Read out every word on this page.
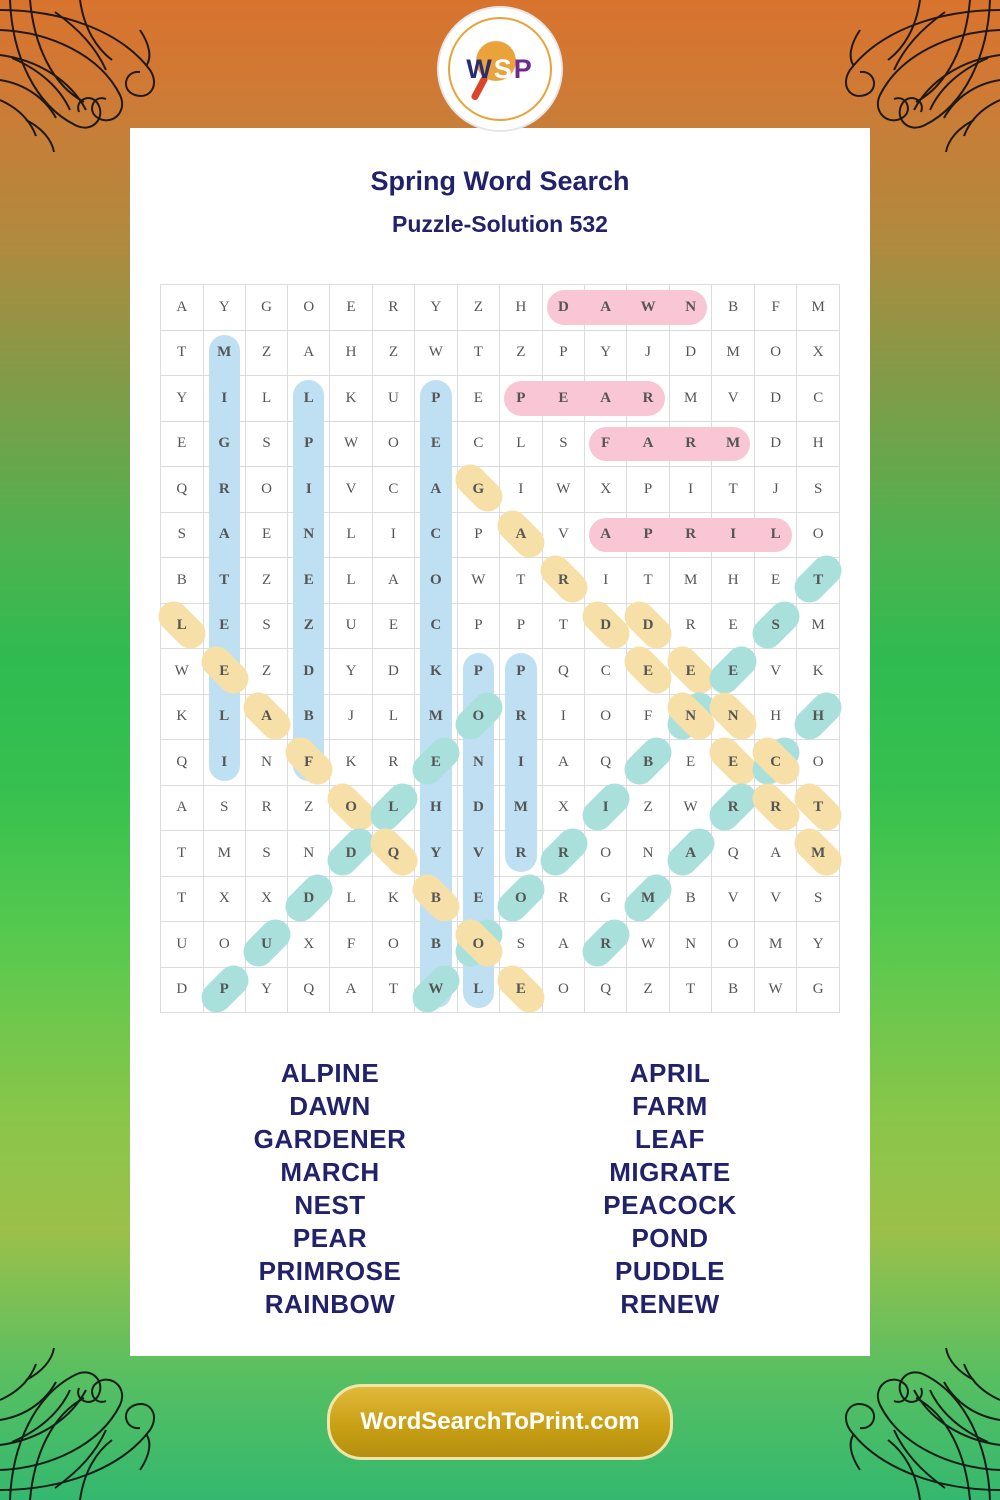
WSP
Spring Word Search
Puzzle-Solution 532
A	Y	G	O	E	R	Y	Z	H	D	A	W	N	B	F	M
T	M	Z	A	H	Z	W	T	Z	P	Y	J	D	M	O	X
Y	I	L	L	K	U	P	E	P	E	A	R	M	V	D	C
E	G	S	P	W	O	E	C	L	S	F	A	R	M	D	H
Q	R	O	I	V	C	A	G	I	W	X	P	I	T	J	S
S	A	E	N	L	I	C	P	A	V	A	P	R	I	L	O
B	T	Z	E	L	A	O	W	T	R	I	T	M	H	E	T

L	E	S	Z	U	E	C	P	P	T	D	D	R	E	S	M
W	E	Z	D	Y	D	K	P	P	Q	C	E	E	E	V	K
K	L	A	B	J	L	M	O	R	I	O	F	N	N	H	H
Q	I	N	F	K	R	E	N	I	A	Q	B	E	E	C	O
A	S	R	Z	O	L	H	D	M	X	I	Z	W	R	R	T
T	M	S	N	D	Q	Y	V	R	R	O	N	A	Q	A	M
T	X	X	D	L	K	B	E	O	R	G	M	B	V	V	S
U	O	U	X	F	O	B	O	S	A	R	W	N	O	M	Y
D	P	Y	Q	A	T	W	L	E	O	Q	Z	T	B	W	G
ALPINE
DAWN
GARDENER
MARCH
NEST
PEAR
PRIMROSE
RAINBOW
APRIL
FARM
LEAF
MIGRATE
PEACOCK
POND
PUDDLE
RENEW
WordSearchToPrint.com
